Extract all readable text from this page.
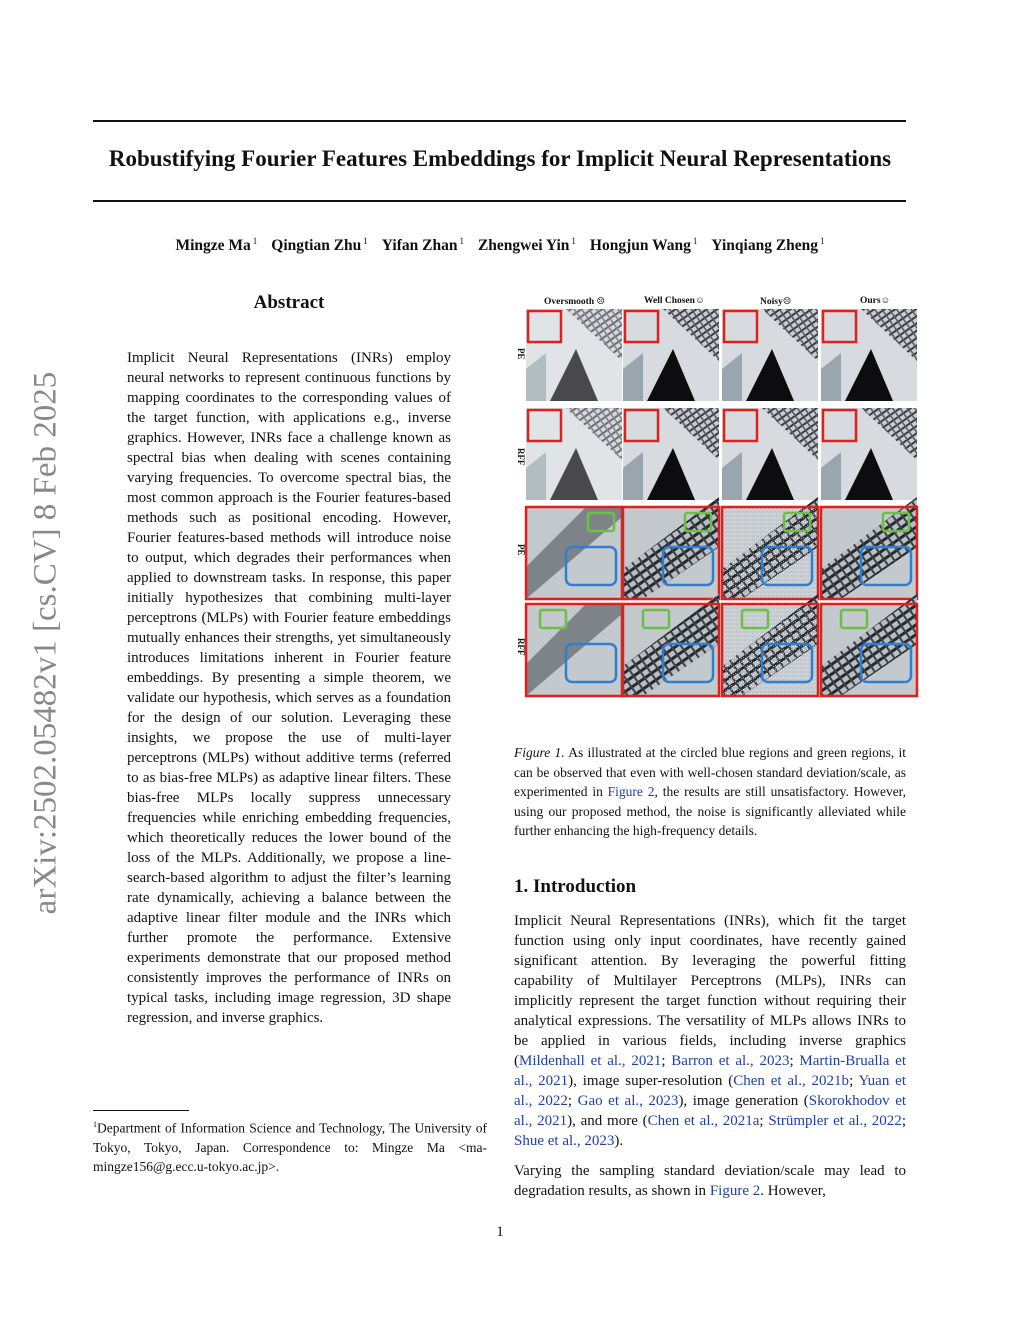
Robustifying Fourier Features Embeddings for Implicit Neural Representations
Mingze Ma $^1$ Qingtian Zhu $^1$ Yifan Zhan $^1$ Zhengwei Yin $^1$ Hongjun Wang $^1$ Yinqiang Zheng $^1$
arXiv:2502.05482v1 [cs.CV] 8 Feb 2025
Abstract

Implicit Neural Representations (INRs) employ neural networks to represent continuous functions by mapping coordinates to the corresponding values of the target function, with applications e.g., inverse graphics. However, INRs face a challenge known as spectral bias when dealing with scenes containing varying frequencies. To overcome spectral bias, the most common approach is the Fourier features-based methods such as positional encoding. However, Fourier features-based methods will introduce noise to output, which degrades their performances when applied to downstream tasks. In response, this paper initially hypothesizes that combining multi-layer perceptrons (MLPs) with Fourier feature embeddings mutually enhances their strengths, yet simultaneously introduces limitations inherent in Fourier feature embeddings. By presenting a simple theorem, we validate our hypothesis, which serves as a foundation for the design of our solution. Leveraging these insights, we propose the use of multi-layer perceptrons (MLPs) without additive terms (referred to as bias-free MLPs) as adaptive linear filters. These bias-free MLPs locally suppress unnecessary frequencies while enriching embedding frequencies, which theoretically reduces the lower bound of the loss of the MLPs. Additionally, we propose a line-search-based algorithm to adjust the filter’s learning rate dynamically, achieving a balance between the adaptive linear filter module and the INRs which further promote the performance. Extensive experiments demonstrate that our proposed method consistently improves the performance of INRs on typical tasks, including image regression, 3D shape regression, and inverse graphics.

$^1$Department of Information Science and Technology, The University of Tokyo, Tokyo, Japan. Correspondence to: Mingze Ma <ma-mingze156@g.ecc.u-tokyo.ac.jp>.
Oversmooth ☹	Well Chosen☺	Noisy☹	Ours☺
PE
RFF
PE
RFF

Figure 1. As illustrated at the circled blue regions and green regions, it can be observed that even with well-chosen standard deviation/scale, as experimented in Figure 2, the results are still unsatisfactory. However, using our proposed method, the noise is significantly alleviated while further enhancing the high-frequency details.

1. Introduction

Implicit Neural Representations (INRs), which fit the target function using only input coordinates, have recently gained significant attention. By leveraging the powerful fitting capability of Multilayer Perceptrons (MLPs), INRs can implicitly represent the target function without requiring their analytical expressions. The versatility of MLPs allows INRs to be applied in various fields, including inverse graphics (Mildenhall et al., 2021; Barron et al., 2023; Martin-Brualla et al., 2021), image super-resolution (Chen et al., 2021b; Yuan et al., 2022; Gao et al., 2023), image generation (Skorokhodov et al., 2021), and more (Chen et al., 2021a; Strümpler et al., 2022; Shue et al., 2023).

Varying the sampling standard deviation/scale may lead to degradation results, as shown in Figure 2. However,

1
